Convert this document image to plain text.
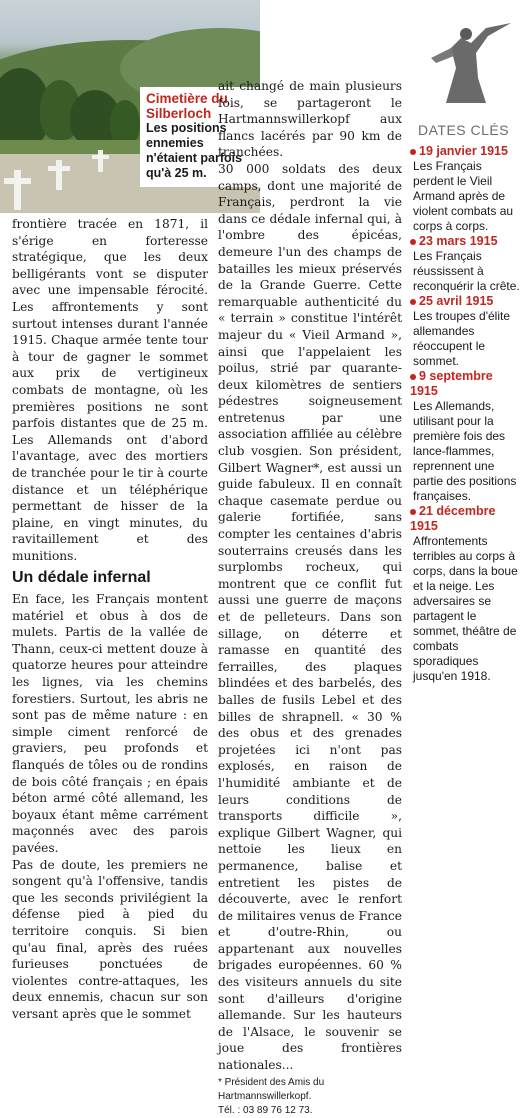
Cimetière du Silberloch
Les positions ennemies n'étaient parfois qu'à 25 m.

frontière tracée en 1871, il s'érige en forteresse stratégique, que les deux belligérants vont se disputer avec une impensable férocité. Les affrontements y sont surtout intenses durant l'année 1915. Chaque armée tente tour à tour de gagner le sommet aux prix de vertigineux combats de montagne, où les premières positions ne sont parfois distantes que de 25 m. Les Allemands ont d'abord l'avantage, avec des mortiers de tranchée pour le tir à courte distance et un téléphérique permettant de hisser de la plaine, en vingt minutes, du ravitaillement et des munitions.

Un dédale infernal

En face, les Français montent matériel et obus à dos de mulets. Partis de la vallée de Thann, ceux-ci mettent douze à quatorze heures pour atteindre les lignes, via les chemins forestiers. Surtout, les abris ne sont pas de même nature : en simple ciment renforcé de graviers, peu profonds et flanqués de tôles ou de rondins de bois côté français ; en épais béton armé côté allemand, les boyaux étant même carrément maçonnés avec des parois pavées.

Pas de doute, les premiers ne songent qu'à l'offensive, tandis que les seconds privilégient la défense pied à pied du territoire conquis. Si bien qu'au final, après des ruées furieuses ponctuées de violentes contre-attaques, les deux ennemis, chacun sur son versant après que le sommet

ait changé de main plusieurs fois, se partageront le Hartmannswillerkopf aux flancs lacérés par 90 km de tranchées.

30 000 soldats des deux camps, dont une majorité de Français, perdront la vie dans ce dédale infernal qui, à l'ombre des épicéas, demeure l'un des champs de batailles les mieux préservés de la Grande Guerre. Cette remarquable authenticité du « terrain » constitue l'intérêt majeur du « Vieil Armand », ainsi que l'appelaient les poilus, strié par quarante-deux kilomètres de sentiers pédestres soigneusement entretenus par une association affiliée au célèbre club vosgien. Son président, Gilbert Wagner*, est aussi un guide fabuleux. Il en connaît chaque casemate perdue ou galerie fortifiée, sans compter les centaines d'abris souterrains creusés dans les surplombs rocheux, qui montrent que ce conflit fut aussi une guerre de maçons et de pelleteurs. Dans son sillage, on déterre et ramasse en quantité des ferrailles, des plaques blindées et des barbelés, des balles de fusils Lebel et des billes de shrapnell. « 30 % des obus et des grenades projetées ici n'ont pas explosés, en raison de l'humidité ambiante et de leurs conditions de transports difficile », explique Gilbert Wagner, qui nettoie les lieux en permanence, balise et entretient les pistes de découverte, avec le renfort de militaires venus de France et d'outre-Rhin, ou appartenant aux nouvelles brigades européennes. 60 % des visiteurs annuels du site sont d'ailleurs d'origine allemande. Sur les hauteurs de l'Alsace, le souvenir se joue des frontières nationales...

* Président des Amis du Hartmannswillerkopf.
Tél. : 03 89 76 12 73.
DATES CLÉS
19 janvier 1915
Les Français perdent le Vieil Armand après de violent combats au corps à corps.
23 mars 1915
Les Français réussissent à reconquérir la crête.
25 avril 1915
Les troupes d'élite allemandes réoccupent le sommet.
9 septembre 1915
Les Allemands, utilisant pour la première fois des lance-flammes, reprennent une partie des positions françaises.
21 décembre 1915
Affrontements terribles au corps à corps, dans la boue et la neige. Les adversaires se partagent le sommet, théâtre de combats sporadiques jusqu'en 1918.
